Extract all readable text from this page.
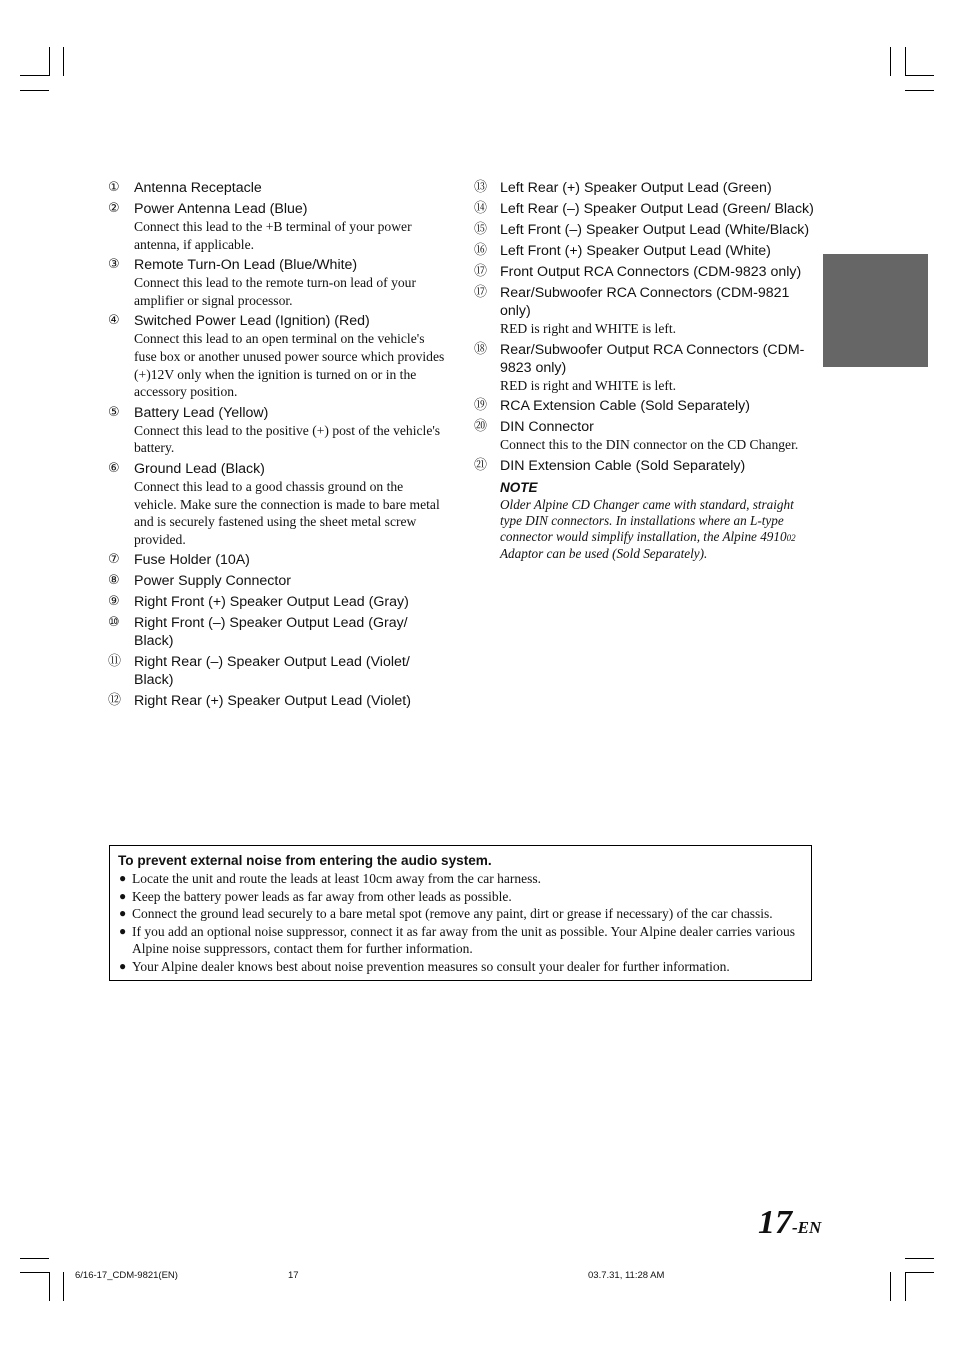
①	Antenna Receptacle
②	Power Antenna Lead (Blue)
Connect this lead to the +B terminal of your power antenna, if applicable.
③	Remote Turn-On Lead (Blue/White)
Connect this lead to the remote turn-on lead of your amplifier or signal processor.
④	Switched Power Lead (Ignition) (Red)
Connect this lead to an open terminal on the vehicle's fuse box or another unused power source which provides (+)12V only when the ignition is turned on or in the accessory position.
⑤	Battery Lead (Yellow)
Connect this lead to the positive (+) post of the vehicle's battery.
⑥	Ground Lead (Black)
Connect this lead to a good chassis ground on the vehicle. Make sure the connection is made to bare metal and is securely fastened using the sheet metal screw provided.
⑦	Fuse Holder (10A)
⑧	Power Supply Connector
⑨	Right Front (+) Speaker Output Lead (Gray)
⑩	Right Front (–) Speaker Output Lead (Gray/ Black)
⑪ Right Rear (–) Speaker Output Lead (Violet/ Black)
⑫ Right Rear (+) Speaker Output Lead (Violet)
⑬ Left Rear (+) Speaker Output Lead (Green)
⑭ Left Rear (–) Speaker Output Lead (Green/ Black)
⑮ Left Front (–) Speaker Output Lead (White/Black)
⑯ Left Front (+) Speaker Output Lead (White)
⑰ Front Output RCA Connectors (CDM-9823 only)
⑰ Rear/Subwoofer RCA Connectors (CDM-9821 only)
RED is right and WHITE is left.
⑱ Rear/Subwoofer Output RCA Connectors (CDM-9823 only)
RED is right and WHITE is left.
⑲ RCA Extension Cable (Sold Separately)
⑳ DIN Connector
Connect this to the DIN connector on the CD Changer.
㉑ DIN Extension Cable (Sold Separately)
NOTE
Older Alpine CD Changer came with standard, straight type DIN connectors. In installations where an L-type connector would simplify installation, the Alpine 491002 Adaptor can be used (Sold Separately).
To prevent external noise from entering the audio system.
● Locate the unit and route the leads at least 10cm away from the car harness.
● Keep the battery power leads as far away from other leads as possible.
● Connect the ground lead securely to a bare metal spot (remove any paint, dirt or grease if necessary) of the car chassis.
● If you add an optional noise suppressor, connect it as far away from the unit as possible. Your Alpine dealer carries various Alpine noise suppressors, contact them for further information.
● Your Alpine dealer knows best about noise prevention measures so consult your dealer for further information.
17-EN
6/16-17_CDM-9821(EN)	17	03.7.31, 11:28 AM
